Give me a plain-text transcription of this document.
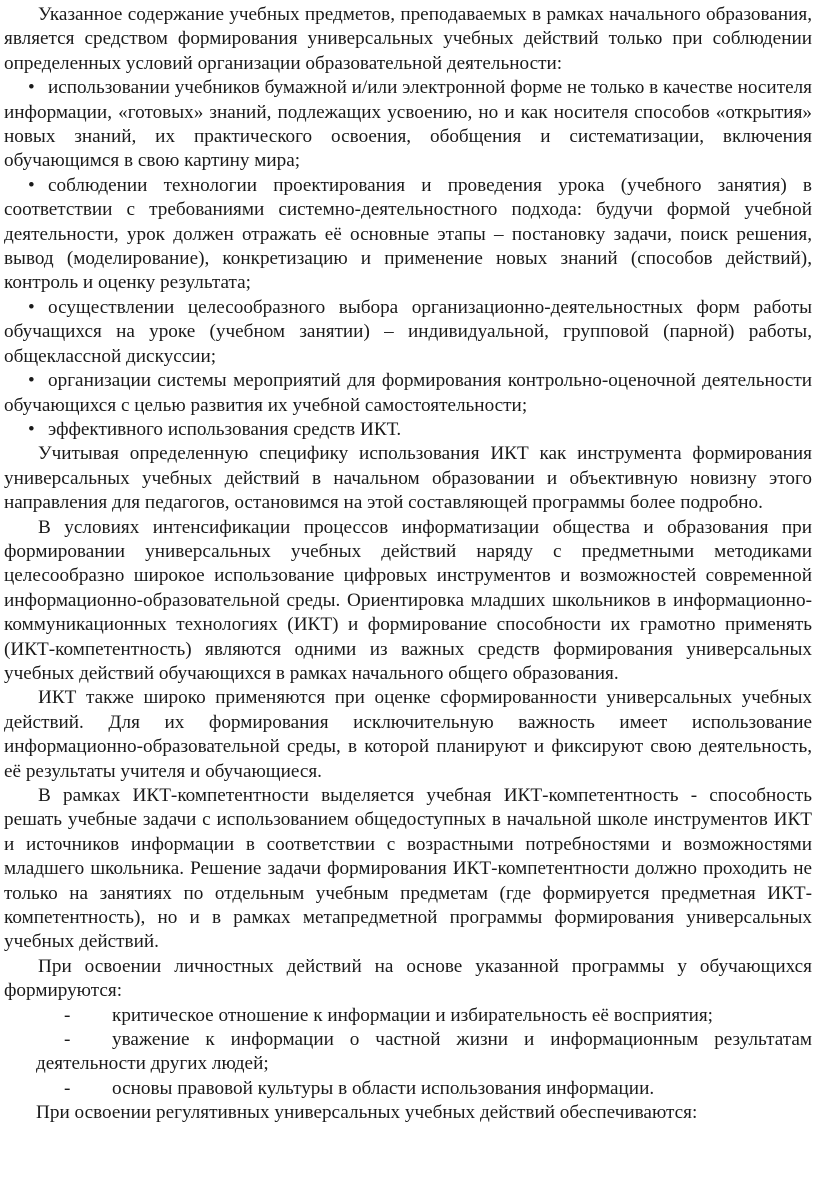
Указанное содержание учебных предметов, преподаваемых в рамках начального образования, является средством формирования универсальных учебных действий только при соблюдении определенных условий организации образовательной деятельности:

• использовании учебников бумажной и/или электронной форме не только в качестве носителя информации, «готовых» знаний, подлежащих усвоению, но и как носителя способов «открытия» новых знаний, их практического освоения, обобщения и систематизации, включения обучающимся в свою картину мира;

• соблюдении технологии проектирования и проведения урока (учебного занятия) в соответствии с требованиями системно-деятельностного подхода: будучи формой учебной деятельности, урок должен отражать её основные этапы – постановку задачи, поиск решения, вывод (моделирование), конкретизацию и применение новых знаний (способов действий), контроль и оценку результата;

• осуществлении целесообразного выбора организационно-деятельностных форм работы обучащихся на уроке (учебном занятии) – индивидуальной, групповой (парной) работы, общеклассной дискуссии;

• организации системы мероприятий для формирования контрольно-оценочной деятельности обучающихся с целью развития их учебной самостоятельности;

• эффективного использования средств ИКТ.

Учитывая определенную специфику использования ИКТ как инструмента формирования универсальных учебных действий в начальном образовании и объективную новизну этого направления для педагогов, остановимся на этой составляющей программы более подробно.

В условиях интенсификации процессов информатизации общества и образования при формировании универсальных учебных действий наряду с предметными методиками целесообразно широкое использование цифровых инструментов и возможностей современной информационно-образовательной среды. Ориентировка младших школьников в информационно-коммуникационных технологиях (ИКТ) и формирование способности их грамотно применять (ИКТ-компетентность) являются одними из важных средств формирования универсальных учебных действий обучающихся в рамках начального общего образования.

ИКТ также широко применяются при оценке сформированности универсальных учебных действий. Для их формирования исключительную важность имеет использование информационно-образовательной среды, в которой планируют и фиксируют свою деятельность, её результаты учителя и обучающиеся.

В рамках ИКТ-компетентности выделяется учебная ИКТ-компетентность - способность решать учебные задачи с использованием общедоступных в начальной школе инструментов ИКТ и источников информации в соответствии с возрастными потребностями и возможностями младшего школьника. Решение задачи формирования ИКТ-компетентности должно проходить не только на занятиях по отдельным учебным предметам (где формируется предметная ИКТ-компетентность), но и в рамках метапредметной программы формирования универсальных учебных действий.

При освоении личностных действий на основе указанной программы у обучающихся формируются:

- критическое отношение к информации и избирательность её восприятия;

- уважение к информации о частной жизни и информационным результатам деятельности других людей;

- основы правовой культуры в области использования информации.

При освоении регулятивных универсальных учебных действий обеспечиваются:
